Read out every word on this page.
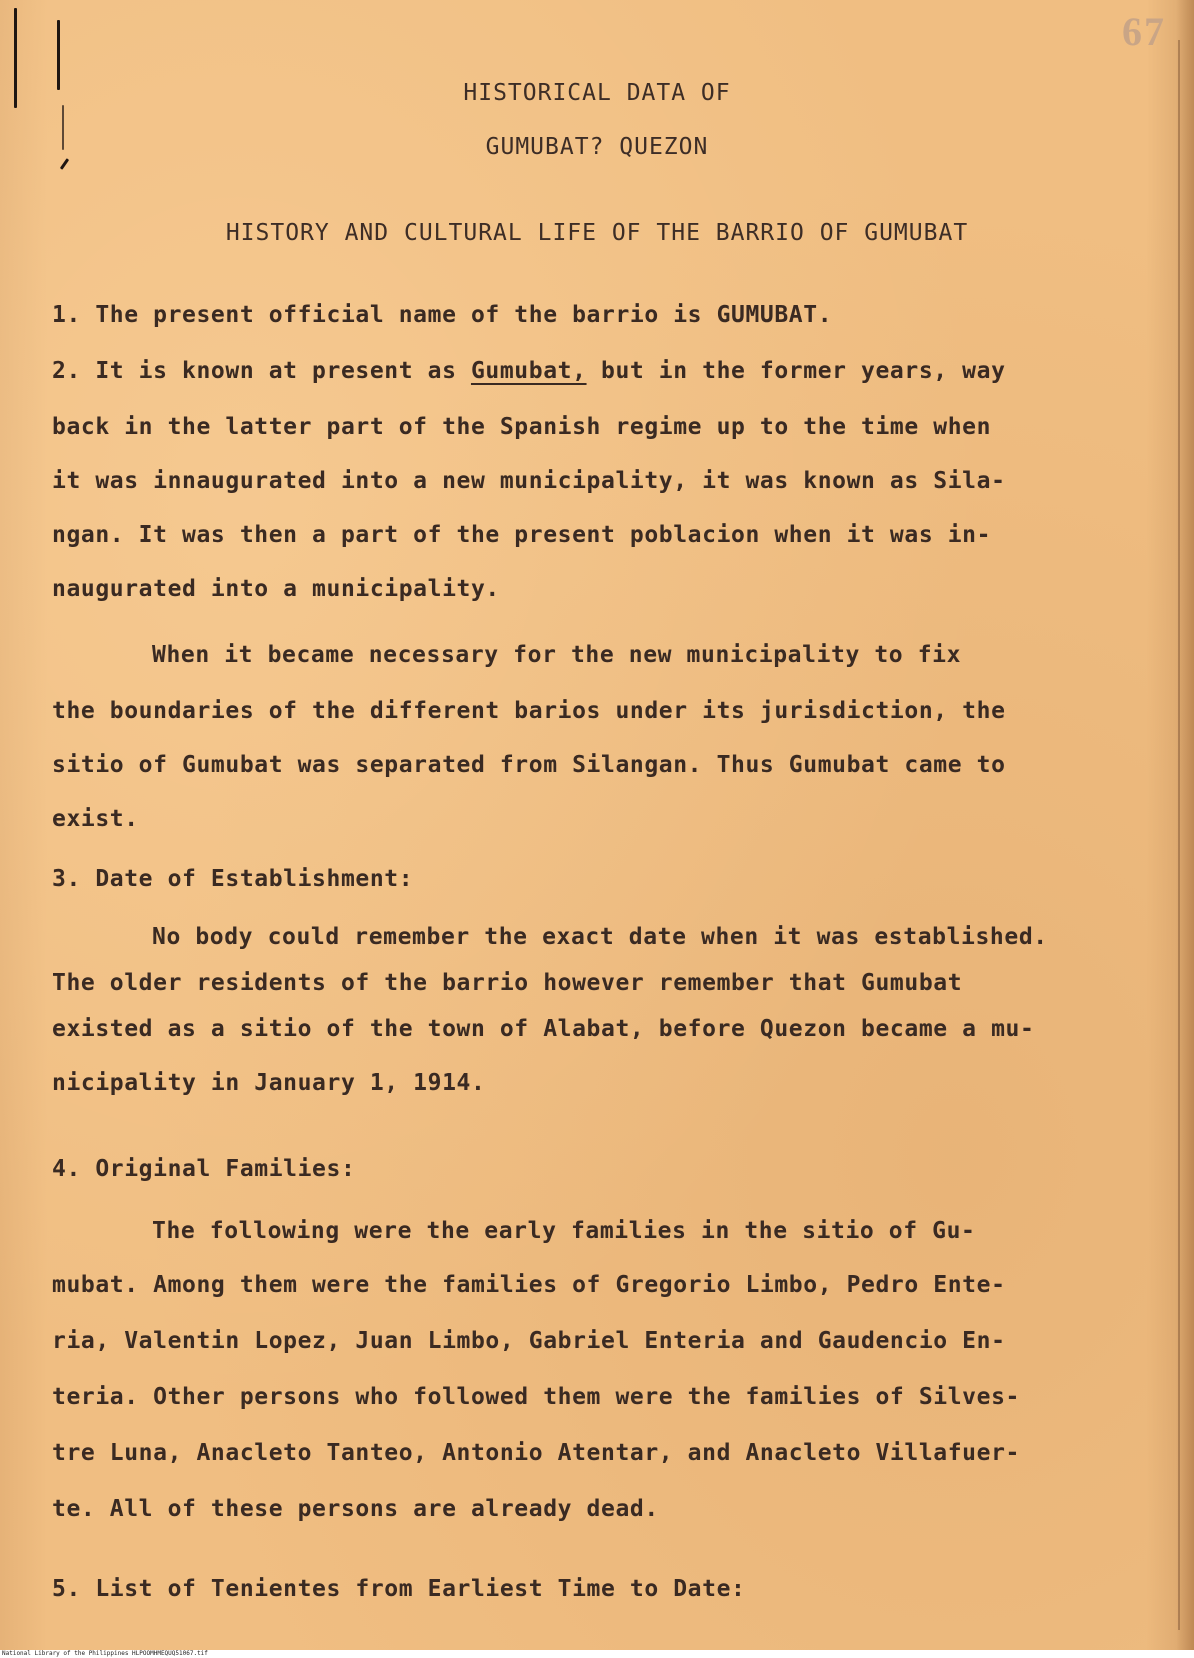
67
HISTORICAL DATA OF
GUMUBAT? QUEZON
HISTORY AND CULTURAL LIFE OF THE BARRIO OF GUMUBAT
1. The present official name of the barrio is GUMUBAT.
2. It is known at present as Gumubat, but in the former years, way
back in the latter part of the Spanish regime up to the time when
it was innaugurated into a new municipality, it was known as Sila-
ngan. It was then a part of the present poblacion when it was in-
naugurated into a municipality.
When it became necessary for the new municipality to fix
the boundaries of the different barios under its jurisdiction, the
sitio of Gumubat was separated from Silangan. Thus Gumubat came to
exist.
3. Date of Establishment:
No body could remember the exact date when it was established.
The older residents of the barrio however remember that Gumubat
existed as a sitio of the town of Alabat, before Quezon became a mu-
nicipality in January 1, 1914.
4. Original Families:
The following were the early families in the sitio of Gu-
mubat. Among them were the families of Gregorio Limbo, Pedro Ente-
ria, Valentin Lopez, Juan Limbo, Gabriel Enteria and Gaudencio En-
teria. Other persons who followed them were the families of Silves-
tre Luna, Anacleto Tanteo, Antonio Atentar, and Anacleto Villafuer-
te. All of these persons are already dead.
5. List of Tenientes from Earliest Time to Date:
National Library of the Philippines HLPOOMHMEQUQ51067.tif
